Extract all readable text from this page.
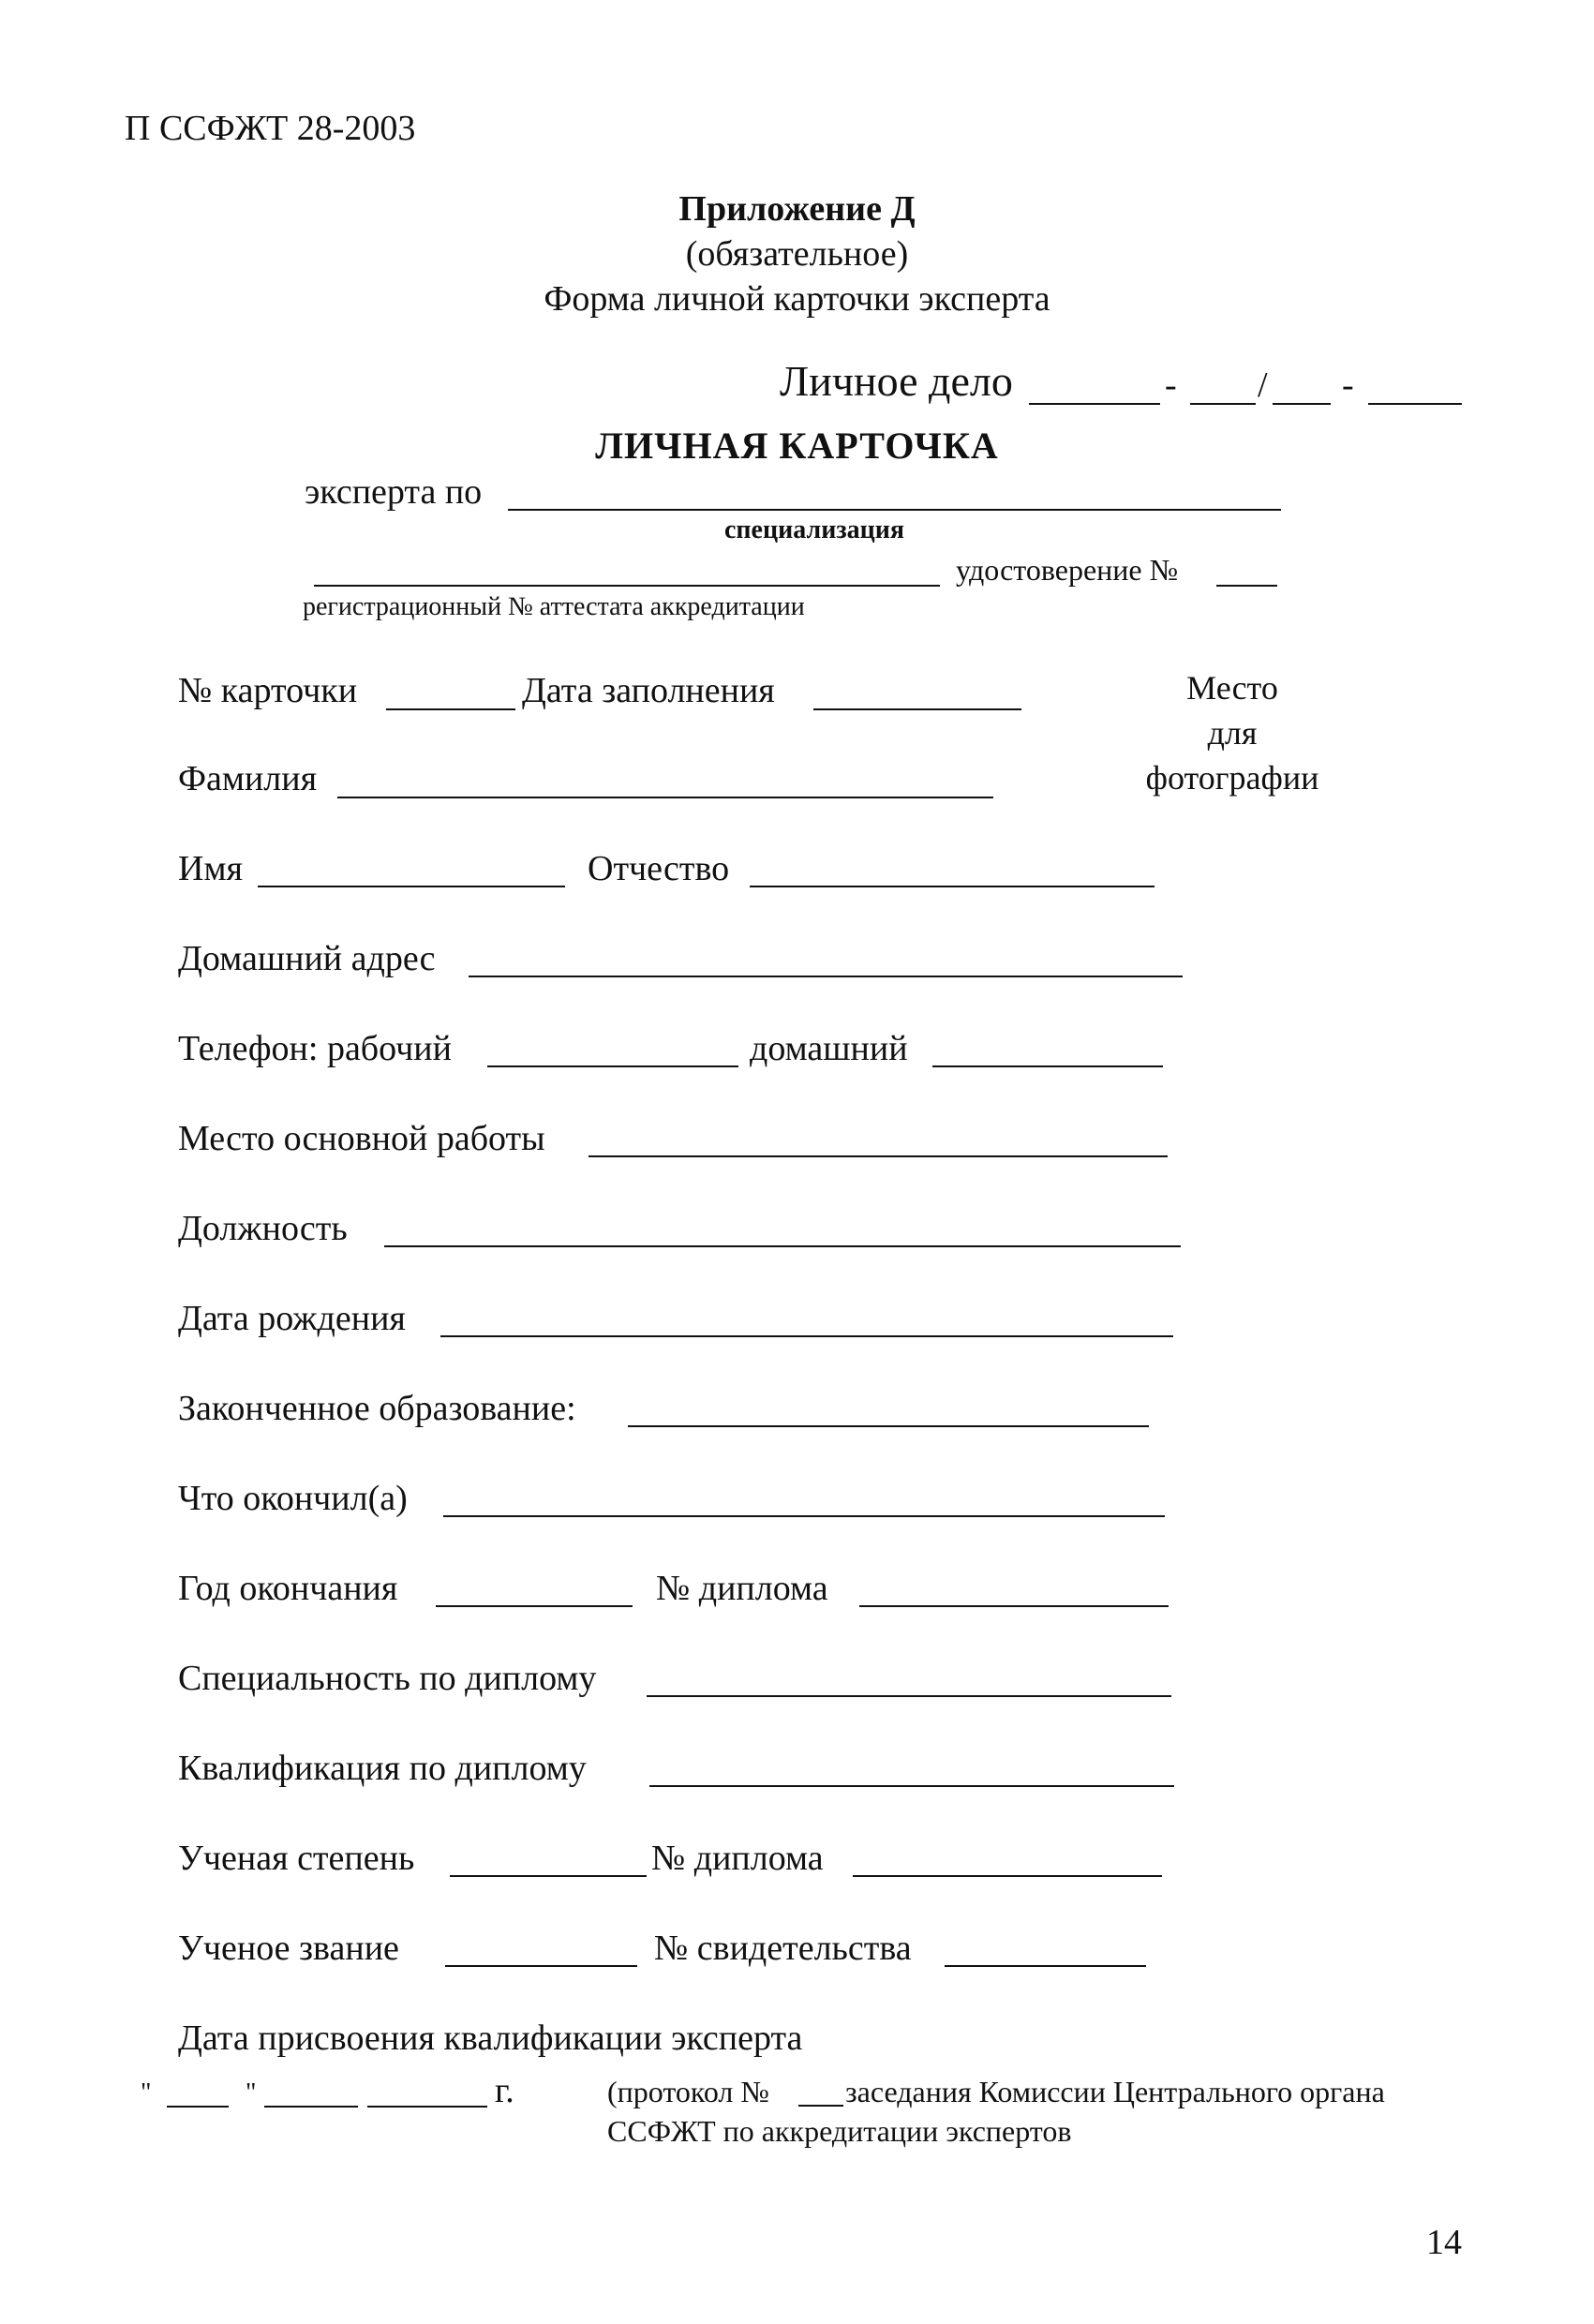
П ССФЖТ 28-2003
Приложение Д
(обязательное)
Форма личной карточки эксперта
Личное дело	- / -
ЛИЧНАЯ КАРТОЧКА
эксперта по
специализация
удостоверение №
регистрационный № аттестата аккредитации
Место
для
фотографии
№ карточки	Дата заполнения
Фамилия
Имя	Отчество
Домашний адрес
Телефон: рабочий	домашний
Место основной работы
Должность
Дата рождения
Законченное образование:
Что окончил(а)
Год окончания	№ диплома
Специальность по диплому
Квалификация по диплому
Ученая степень	№ диплома
Ученое звание	№ свидетельства
Дата присвоения квалификации эксперта
"	"	г.	(протокол №	заседания Комиссии Центрального органа
ССФЖТ по аккредитации экспертов
14
